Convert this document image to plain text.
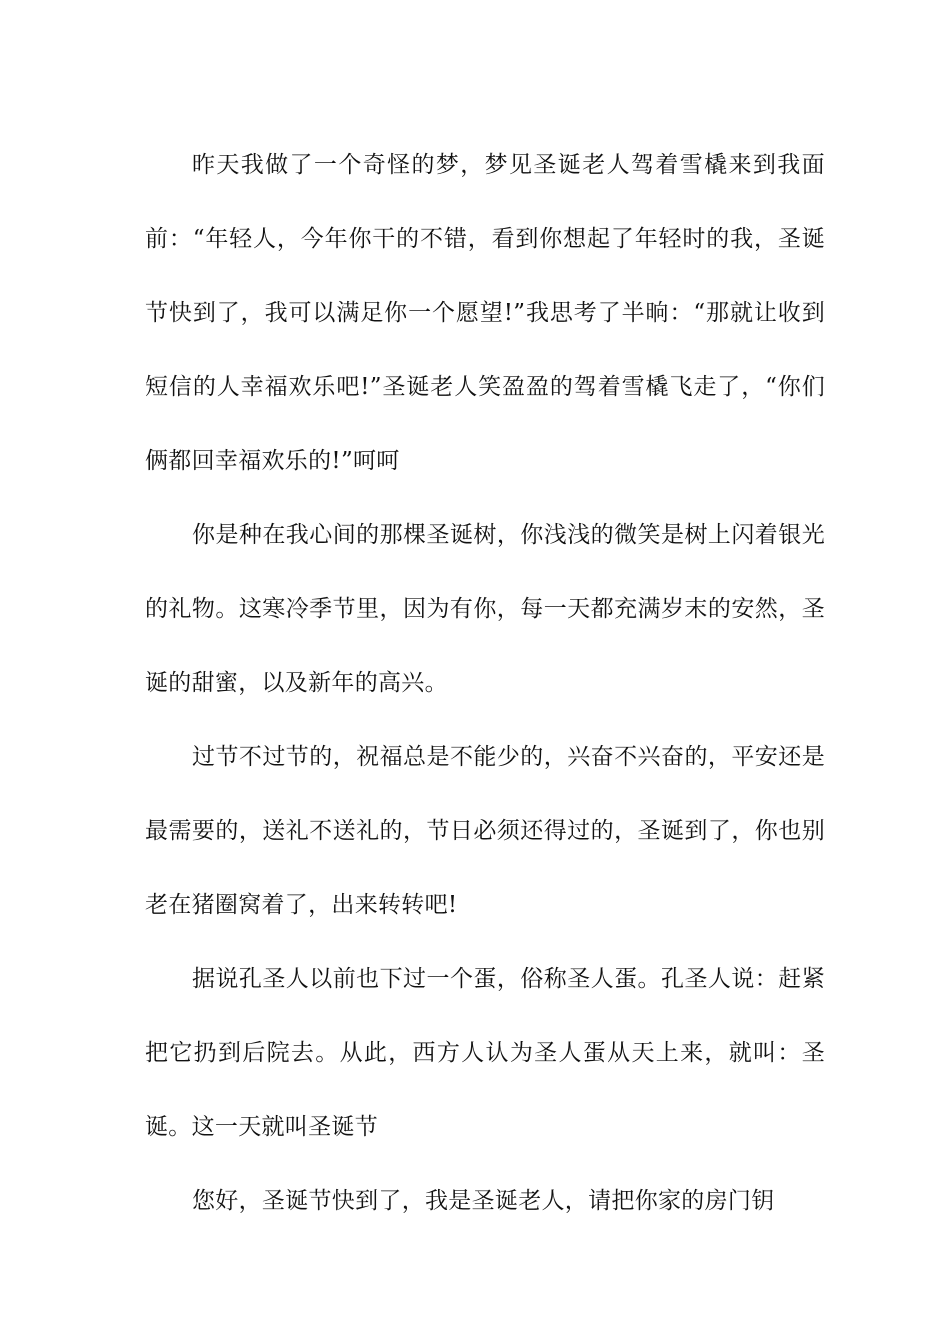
昨天我做了一个奇怪的梦，梦见圣诞老人驾着雪橇来到我面前：“年轻人，今年你干的不错，看到你想起了年轻时的我，圣诞节快到了，我可以满足你一个愿望!”我思考了半晌：“那就让收到短信的人幸福欢乐吧!”圣诞老人笑盈盈的驾着雪橇飞走了，“你们俩都回幸福欢乐的!”呵呵

你是种在我心间的那棵圣诞树，你浅浅的微笑是树上闪着银光的礼物。这寒冷季节里，因为有你，每一天都充满岁末的安然，圣诞的甜蜜，以及新年的高兴。

过节不过节的，祝福总是不能少的，兴奋不兴奋的，平安还是最需要的，送礼不送礼的，节日必须还得过的，圣诞到了，你也别老在猪圈窝着了，出来转转吧!

据说孔圣人以前也下过一个蛋，俗称圣人蛋。孔圣人说：赶紧把它扔到后院去。从此，西方人认为圣人蛋从天上来，就叫：圣诞。这一天就叫圣诞节

您好，圣诞节快到了，我是圣诞老人，请把你家的房门钥
